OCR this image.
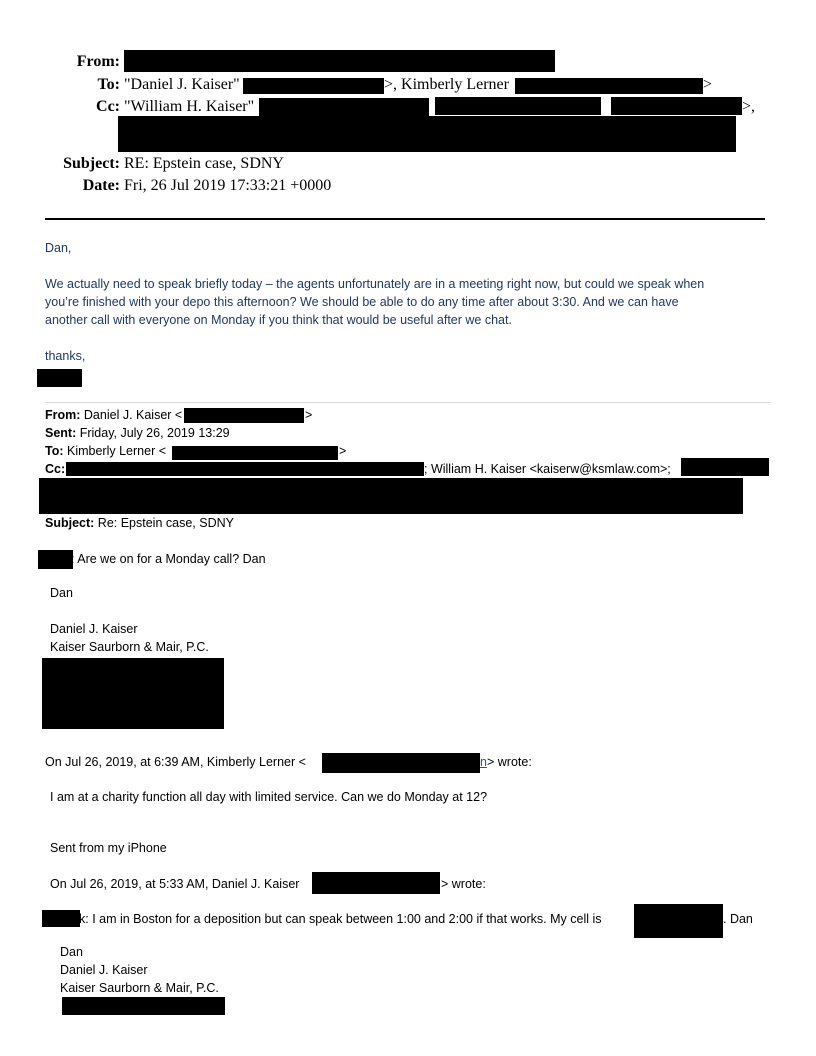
From:
To: "Daniel J. Kaiser"	>, Kimberly Lerner	>
Cc: "William H. Kaiser"	>,
Subject: RE: Epstein case, SDNY
Date: Fri, 26 Jul 2019 17:33:21 +0000
Dan,
We actually need to speak briefly today – the agents unfortunately are in a meeting right now, but could we speak when
you’re finished with your depo this afternoon? We should be able to do any time after about 3:30. And we can have
another call with everyone on Monday if you think that would be useful after we chat.
thanks,
From: Daniel J. Kaiser <	>
Sent: Friday, July 26, 2019 13:29
To: Kimberly Lerner <	>
Cc:	; William H. Kaiser <kaiserw@ksmlaw.com>;
Subject: Re: Epstein case, SDNY
: Are we on for a Monday call? Dan
Dan
Daniel J. Kaiser
Kaiser Saurborn & Mair, P.C.
On Jul 26, 2019, at 6:39 AM, Kimberly Lerner <	n > wrote:
I am at a charity function all day with limited service. Can we do Monday at 12?
Sent from my iPhone
On Jul 26, 2019, at 5:33 AM, Daniel J. Kaiser	> wrote:
k: I am in Boston for a deposition but can speak between 1:00 and 2:00 if that works. My cell is	. Dan
Dan
Daniel J. Kaiser
Kaiser Saurborn & Mair, P.C.
